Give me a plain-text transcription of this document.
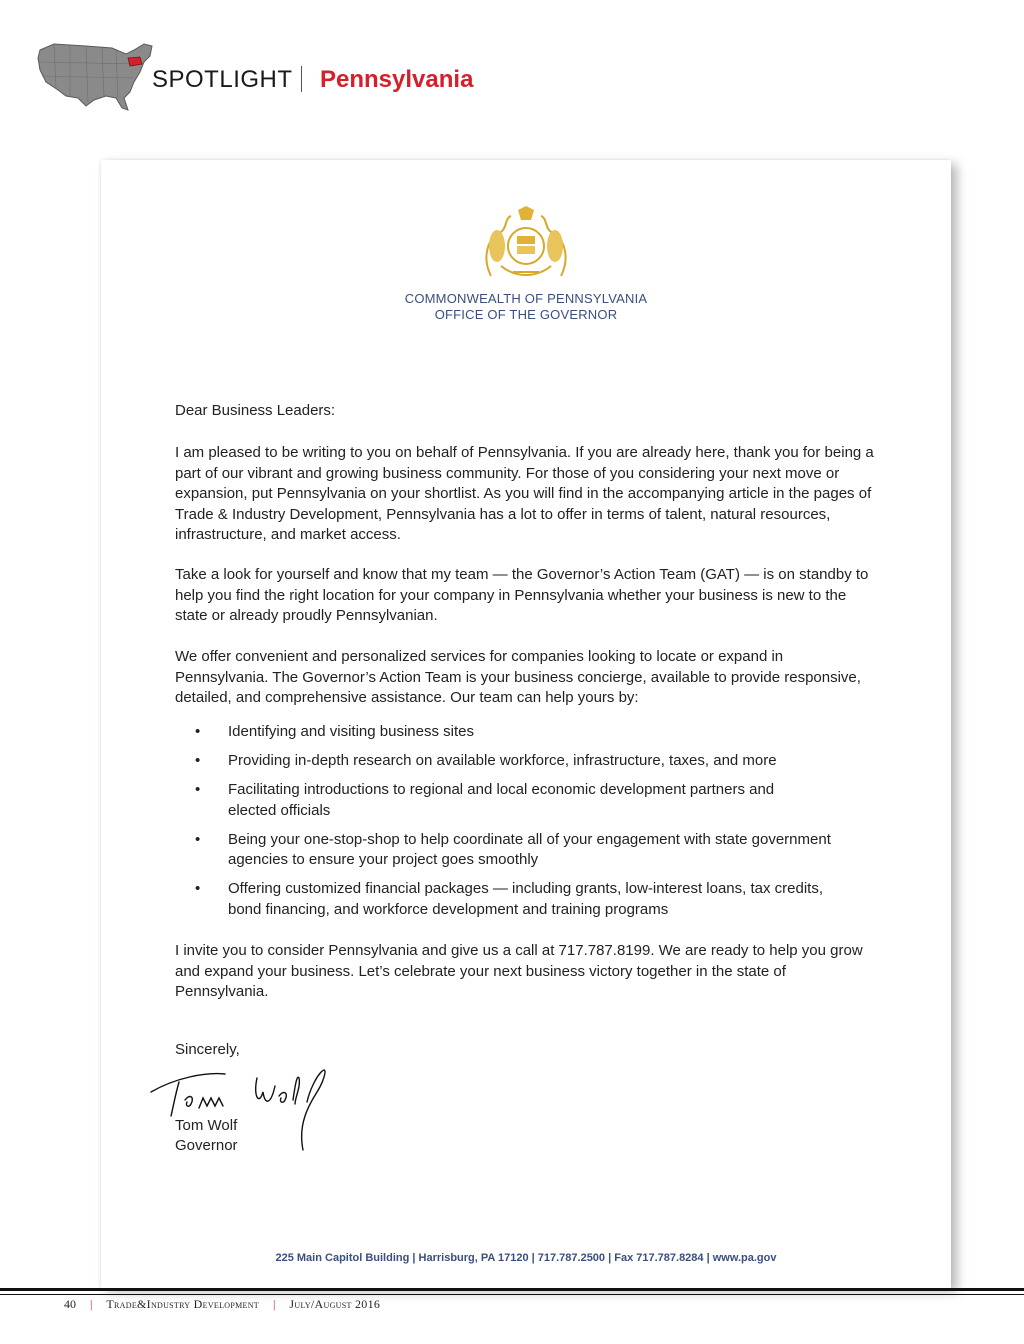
SPOTLIGHT Pennsylvania
COMMONWEALTH OF PENNSYLVANIA
OFFICE OF THE GOVERNOR
Dear Business Leaders:

I am pleased to be writing to you on behalf of Pennsylvania. If you are already here, thank you for being a part of our vibrant and growing business community. For those of you considering your next move or expansion, put Pennsylvania on your shortlist. As you will find in the accompanying article in the pages of Trade & Industry Development, Pennsylvania has a lot to offer in terms of talent, natural resources, infrastructure, and market access.

Take a look for yourself and know that my team — the Governor’s Action Team (GAT) — is on standby to help you find the right location for your company in Pennsylvania whether your business is new to the state or already proudly Pennsylvanian.

We offer convenient and personalized services for companies looking to locate or expand in Pennsylvania. The Governor’s Action Team is your business concierge, available to provide responsive, detailed, and comprehensive assistance. Our team can help yours by:

• Identifying and visiting business sites
• Providing in-depth research on available workforce, infrastructure, taxes, and more
• Facilitating introductions to regional and local economic development partners and elected officials
• Being your one-stop-shop to help coordinate all of your engagement with state government agencies to ensure your project goes smoothly
• Offering customized financial packages — including grants, low-interest loans, tax credits, bond financing, and workforce development and training programs

I invite you to consider Pennsylvania and give us a call at 717.787.8199. We are ready to help you grow and expand your business. Let’s celebrate your next business victory together in the state of Pennsylvania.

Sincerely,
Tom Wolf
Governor
225 Main Capitol Building | Harrisburg, PA 17120 | 717.787.2500 | Fax 717.787.8284 | www.pa.gov
40 | Trade&Industry Development | July/August 2016
